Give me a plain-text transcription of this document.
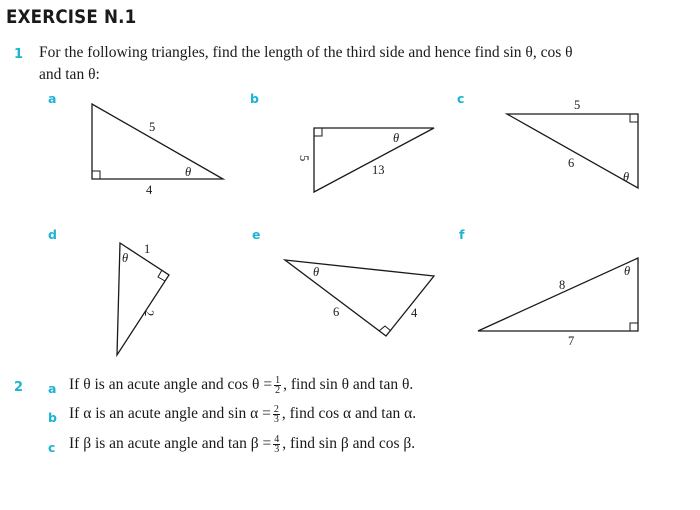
EXERCISE N.1
1 For the following triangles, find the length of the third side and hence find sin θ, cos θ
and tan θ:
a	b	c
d	e	f
5
4
θ
5
13
θ
5
6
θ
1
2
θ
6	4
θ
8
7
θ
2 a If θ is an acute angle and $\cos \theta = \frac{1}{2}$ , find sin θ and tan θ.
b If α is an acute angle and $\sin \alpha = \frac{2}{3}$ , find cos α and tan α.
c If β is an acute angle and $\tan \beta = \frac{4}{3}$ , find sin β and cos β.
